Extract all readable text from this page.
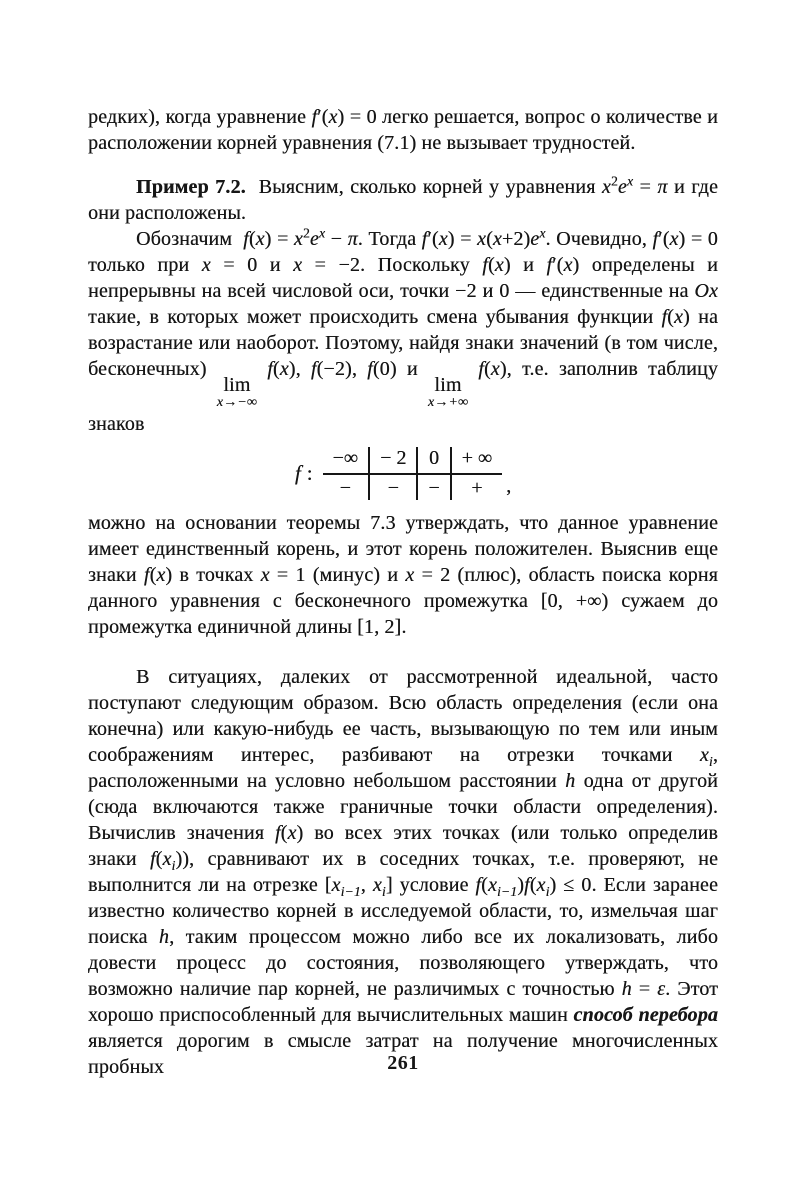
редких), когда уравнение f′(x) = 0 легко решается, вопрос о количестве и расположении корней уравнения (7.1) не вызывает трудностей.

Пример 7.2.  Выясним, сколько корней у уравнения $x^2e^x = \pi$ и где они расположены.

Обозначим  $f(x) = x^2e^x - \pi$. Тогда $f'(x) = x(x+2)e^x$. Очевидно, f′(x) = 0 только при x = 0 и x = −2. Поскольку f(x) и f′(x) определены и непрерывны на всей числовой оси, точки −2 и 0 — единственные на Ox такие, в которых может происходить смена убывания функции f(x) на возрастание или наоборот. Поэтому, найдя знаки значений (в том числе, бесконечных)
lim
x→−∞
f(x), f(−2), f(0) и
lim
x→+∞
f(x), т.е. заполнив таблицу знаков

f :
−∞
−
− 2
−
0
−
+ ∞
+	,

можно на основании теоремы 7.3 утверждать, что данное уравнение имеет единственный корень, и этот корень положителен. Выяснив еще знаки f(x) в точках x = 1 (минус) и x = 2 (плюс), область поиска корня данного уравнения с бесконечного промежутка [0, +∞) сужаем до промежутка единичной длины [1, 2].

В ситуациях, далеких от рассмотренной идеальной, часто поступают следующим образом. Всю область определения (если она конечна) или какую-нибудь ее часть, вызывающую по тем или иным соображениям интерес, разбивают на отрезки точками $x_i$, расположенными на условно небольшом расстоянии h одна от другой (сюда включаются также граничные точки области определения). Вычислив значения f(x) во всех этих точках (или только определив знаки $f(x_i)$), сравнивают их в соседних точках, т.е. проверяют, не выполнится ли на отрезке [$x_{i-1}$, $x_i$] условие $f(x_{i-1})f(x_i) \le 0$. Если заранее известно количество корней в исследуемой области, то, измельчая шаг поиска h, таким процессом можно либо все их локализовать, либо довести процесс до состояния, позволяющего утверждать, что возможно наличие пар корней, не различимых с точностью h = ε. Этот хорошо приспособленный для вычислительных машин способ перебора является дорогим в смысле затрат на получение многочисленных пробных	261
